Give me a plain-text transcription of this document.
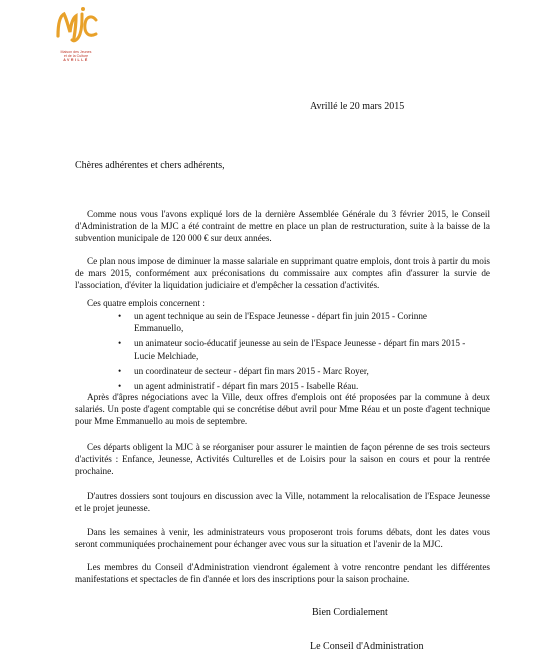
Maison des Jeunes
et de la Culture
AVRILLÉ
Avrillé le 20 mars 2015
Chères adhérentes et chers adhérents,

Comme nous vous l'avons expliqué lors de la dernière Assemblée Générale du 3 février 2015, le Conseil d'Administration de la MJC a été contraint de mettre en place un plan de restructuration, suite à la baisse de la subvention municipale de 120 000 € sur deux années.

Ce plan nous impose de diminuer la masse salariale en supprimant quatre emplois, dont trois à partir du mois de mars 2015, conformément aux préconisations du commissaire aux comptes afin d'assurer la survie de l'association, d'éviter la liquidation judiciaire et d'empêcher la cessation d'activités.

Ces quatre emplois concernent :

• un agent technique au sein de l'Espace Jeunesse - départ fin juin 2015 - Corinne Emmanuello,
• un animateur socio-éducatif jeunesse au sein de l'Espace Jeunesse - départ fin mars 2015 - Lucie Melchiade,
• un coordinateur de secteur - départ fin mars 2015 - Marc Royer,
• un agent administratif - départ fin mars 2015 - Isabelle Réau.

Après d'âpres négociations avec la Ville, deux offres d'emplois ont été proposées par la commune à deux salariés. Un poste d'agent comptable qui se concrétise début avril pour Mme Réau et un poste d'agent technique pour Mme Emmanuello au mois de septembre.

Ces départs obligent la MJC à se réorganiser pour assurer le maintien de façon pérenne de ses trois secteurs d'activités : Enfance, Jeunesse, Activités Culturelles et de Loisirs pour la saison en cours et pour la rentrée prochaine.

D'autres dossiers sont toujours en discussion avec la Ville, notamment la relocalisation de l'Espace Jeunesse et le projet jeunesse.

Dans les semaines à venir, les administrateurs vous proposeront trois forums débats, dont les dates vous seront communiquées prochainement pour échanger avec vous sur la situation et l'avenir de la MJC.

Les membres du Conseil d'Administration viendront également à votre rencontre pendant les différentes manifestations et spectacles de fin d'année et lors des inscriptions pour la saison prochaine.

Bien Cordialement
Le Conseil d'Administration
